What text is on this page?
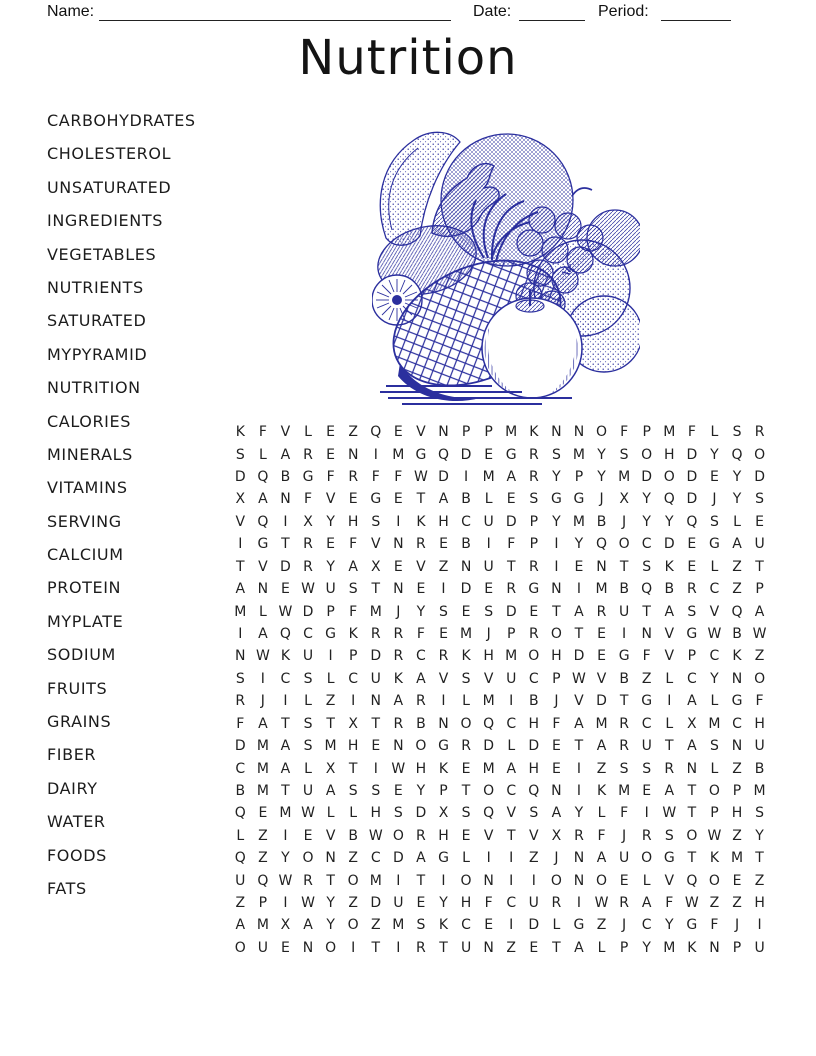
Name:	Date:	Period:
Nutrition
CARBOHYDRATES
CHOLESTEROL
UNSATURATED
INGREDIENTS
VEGETABLES
NUTRIENTS
SATURATED
MYPYRAMID
NUTRITION
CALORIES
MINERALS
VITAMINS
SERVING
CALCIUM
PROTEIN
MYPLATE
SODIUM
FRUITS
GRAINS
FIBER
DAIRY
WATER
FOODS
FATS
K F V L	E Z Q E V N P	P M K N N O F	P M F	L	S R
S	L A R E N	I	M G Q D E G R S M Y S O H D Y Q O
D Q B G F R F	F W D	I	M A R Y	P	Y M D O D E Y D
X A N F V E G E T A B L	E S G G	J	X Y Q D	J	Y S
V Q	I	X Y H S	I	K H C U D P	Y M B	J	Y	Y Q S	L	E
I	G T R E	F V N R E B	I	F	P	I	Y Q O C D E G A U
T V D R Y A X E V Z N U T R	I	E N T S K E	L Z T
A N E W U S T N E	I	D E R G N	I	M B Q B R C Z P
M L W D P	F M	J	Y S E S D E T A R U T A S V Q A
I	A Q C G K R R F	E M	J	P R O T E	I	N V G W B W
N W K U	I	P D R C R K H M O H D E G F V P C K Z
S	I	C S	L C U K A V S V U C P W V B Z L C Y N O
R	J	I	L Z	I	N A R	I	L M	I	B	J	V D T G	I	A L G F
F A T S T X T R B N O Q C H F A M R C L X M C H
D M A S M H E N O G R D L D E T A R U T A S N U
C M A L X T	I W H K E M A H E	I	Z S S R N L Z B
B M T U A S S E Y	P	T O C Q N	I	K M E A T O P M
Q E M W L	L H S D X S Q V S A Y	L	F	I W T	P H S
L Z	I	E V B W O R H E V T V X R F	J	R S O W Z Y
Q Z Y O N Z C D A G L	I	I	Z	J	N A U O G T K M T
U Q W R T O M	I	T	I	O N	I	I	O N O E	L V Q O E Z
Z P	I W Y Z D U E Y H F C U R	I W R A F W Z Z H
A M X A Y O Z M S K C E	I	D L G Z	J	C Y G F	J	I
O U E N O	I	T	I	R T U N Z E T A L	P	Y M K N P U
